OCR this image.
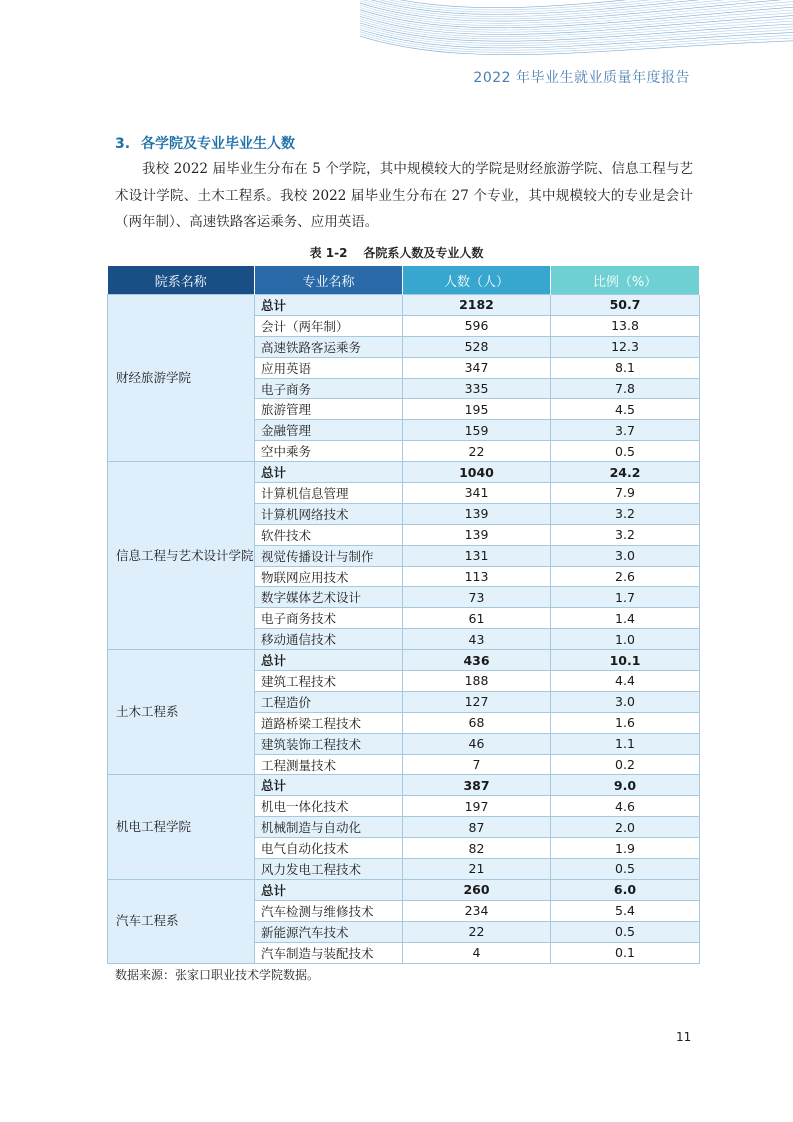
2022 年毕业生就业质量年度报告
3. 各学院及专业毕业生人数

我校 2022 届毕业生分布在 5 个学院，其中规模较大的学院是财经旅游学院、信息工程与艺术设计学院、土木工程系。我校 2022 届毕业生分布在 27 个专业，其中规模较大的专业是会计（两年制）、高速铁路客运乘务、应用英语。

表 1-2 各院系人数及专业人数
院系名称	专业名称	人数（人）	比例（%）
财经旅游学院	总计	2182	50.7
	会计（两年制）	596	13.8
	高速铁路客运乘务	528	12.3
	应用英语	347	8.1
	电子商务	335	7.8
	旅游管理	195	4.5
	金融管理	159	3.7
	空中乘务	22	0.5
信息工程与艺术设计学院	总计	1040	24.2
	计算机信息管理	341	7.9
	计算机网络技术	139	3.2
	软件技术	139	3.2
	视觉传播设计与制作	131	3.0
	物联网应用技术	113	2.6
	数字媒体艺术设计	73	1.7
	电子商务技术	61	1.4
	移动通信技术	43	1.0
土木工程系	总计	436	10.1
	建筑工程技术	188	4.4
	工程造价	127	3.0
	道路桥梁工程技术	68	1.6
	建筑装饰工程技术	46	1.1
	工程测量技术	7	0.2
机电工程学院	总计	387	9.0
	机电一体化技术	197	4.6
	机械制造与自动化	87	2.0
	电气自动化技术	82	1.9
	风力发电工程技术	21	0.5
汽车工程系	总计	260	6.0
	汽车检测与维修技术	234	5.4
	新能源汽车技术	22	0.5
	汽车制造与装配技术	4	0.1
数据来源：张家口职业技术学院数据。
11
